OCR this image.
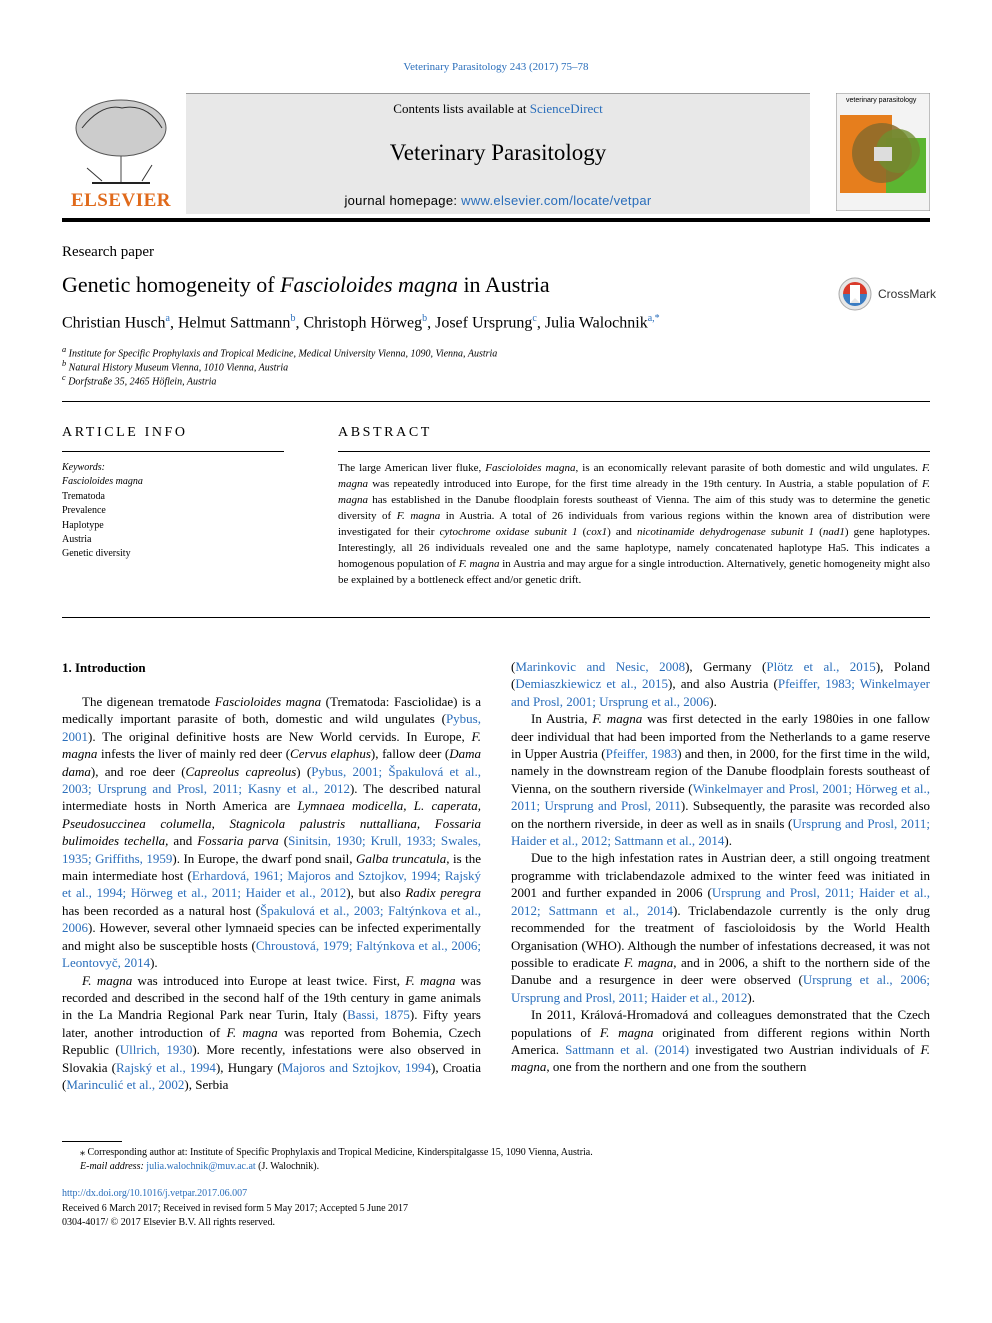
Veterinary Parasitology 243 (2017) 75–78
ELSEVIER
Contents lists available at ScienceDirect
Veterinary Parasitology
journal homepage: www.elsevier.com/locate/vetpar
veterinary parasitology
Research paper
Genetic homogeneity of Fascioloides magna in Austria	CrossMark
Christian Husch$^a$, Helmut Sattmann$^b$, Christoph Hörweg$^b$, Josef Ursprung$^c$, Julia Walochnik$^{a,*}$
$^a$ Institute for Specific Prophylaxis and Tropical Medicine, Medical University Vienna, 1090, Vienna, Austria
$^b$ Natural History Museum Vienna, 1010 Vienna, Austria
$^c$ Dorfstraße 35, 2465 Höflein, Austria
ARTICLE INFO
Keywords:
Fascioloides magna
Trematoda
Prevalence
Haplotype
Austria
Genetic diversity
ABSTRACT
The large American liver fluke, Fascioloides magna, is an economically relevant parasite of both domestic and wild ungulates. F. magna was repeatedly introduced into Europe, for the first time already in the 19th century. In Austria, a stable population of F. magna has established in the Danube floodplain forests southeast of Vienna. The aim of this study was to determine the genetic diversity of F. magna in Austria. A total of 26 individuals from various regions within the known area of distribution were investigated for their cytochrome oxidase subunit 1 (cox1) and nicotinamide dehydrogenase subunit 1 (nad1) gene haplotypes. Interestingly, all 26 individuals revealed one and the same haplotype, namely concatenated haplotype Ha5. This indicates a homogenous population of F. magna in Austria and may argue for a single introduction. Alternatively, genetic homogeneity might also be explained by a bottleneck effect and/or genetic drift.
1. Introduction

The digenean trematode Fascioloides magna (Trematoda: Fasciolidae) is a medically important parasite of both, domestic and wild ungulates (Pybus, 2001). The original definitive hosts are New World cervids. In Europe, F. magna infests the liver of mainly red deer (Cervus elaphus), fallow deer (Dama dama), and roe deer (Capreolus capreolus) (Pybus, 2001; Špakulová et al., 2003; Ursprung and Prosl, 2011; Kasny et al., 2012). The described natural intermediate hosts in North America are Lymnaea modicella, L. caperata, Pseudosuccinea columella, Stagnicola palustris nuttalliana, Fossaria bulimoides techella, and Fossaria parva (Sinitsin, 1930; Krull, 1933; Swales, 1935; Griffiths, 1959). In Europe, the dwarf pond snail, Galba truncatula, is the main intermediate host (Erhardová, 1961; Majoros and Sztojkov, 1994; Rajský et al., 1994; Hörweg et al., 2011; Haider et al., 2012), but also Radix peregra has been recorded as a natural host (Špakulová et al., 2003; Faltýnkova et al., 2006). However, several other lymnaeid species can be infected experimentally and might also be susceptible hosts (Chroustová, 1979; Faltýnkova et al., 2006; Leontovyč, 2014).

F. magna was introduced into Europe at least twice. First, F. magna was recorded and described in the second half of the 19th century in game animals in the La Mandria Regional Park near Turin, Italy (Bassi, 1875). Fifty years later, another introduction of F. magna was reported from Bohemia, Czech Republic (Ullrich, 1930). More recently, infestations were also observed in Slovakia (Rajský et al., 1994), Hungary (Majoros and Sztojkov, 1994), Croatia (Marinculić et al., 2002), Serbia

(Marinkovic and Nesic, 2008), Germany (Plötz et al., 2015), Poland (Demiaszkiewicz et al., 2015), and also Austria (Pfeiffer, 1983; Winkelmayer and Prosl, 2001; Ursprung et al., 2006).

In Austria, F. magna was first detected in the early 1980ies in one fallow deer individual that had been imported from the Netherlands to a game reserve in Upper Austria (Pfeiffer, 1983) and then, in 2000, for the first time in the wild, namely in the downstream region of the Danube floodplain forests southeast of Vienna, on the southern riverside (Winkelmayer and Prosl, 2001; Hörweg et al., 2011; Ursprung and Prosl, 2011). Subsequently, the parasite was recorded also on the northern riverside, in deer as well as in snails (Ursprung and Prosl, 2011; Haider et al., 2012; Sattmann et al., 2014).

Due to the high infestation rates in Austrian deer, a still ongoing treatment programme with triclabendazole admixed to the winter feed was initiated in 2001 and further expanded in 2006 (Ursprung and Prosl, 2011; Haider et al., 2012; Sattmann et al., 2014). Triclabendazole currently is the only drug recommended for the treatment of fascioloidosis by the World Health Organisation (WHO). Although the number of infestations decreased, it was not possible to eradicate F. magna, and in 2006, a shift to the northern side of the Danube and a resurgence in deer were observed (Ursprung et al., 2006; Ursprung and Prosl, 2011; Haider et al., 2012).

In 2011, Králová-Hromadová and colleagues demonstrated that the Czech populations of F. magna originated from different regions within North America. Sattmann et al. (2014) investigated two Austrian individuals of F. magna, one from the northern and one from the southern

⁎ Corresponding author at: Institute of Specific Prophylaxis and Tropical Medicine, Kinderspitalgasse 15, 1090 Vienna, Austria.
E-mail address: julia.walochnik@muv.ac.at (J. Walochnik).
http://dx.doi.org/10.1016/j.vetpar.2017.06.007
Received 6 March 2017; Received in revised form 5 May 2017; Accepted 5 June 2017
0304-4017/ © 2017 Elsevier B.V. All rights reserved.
